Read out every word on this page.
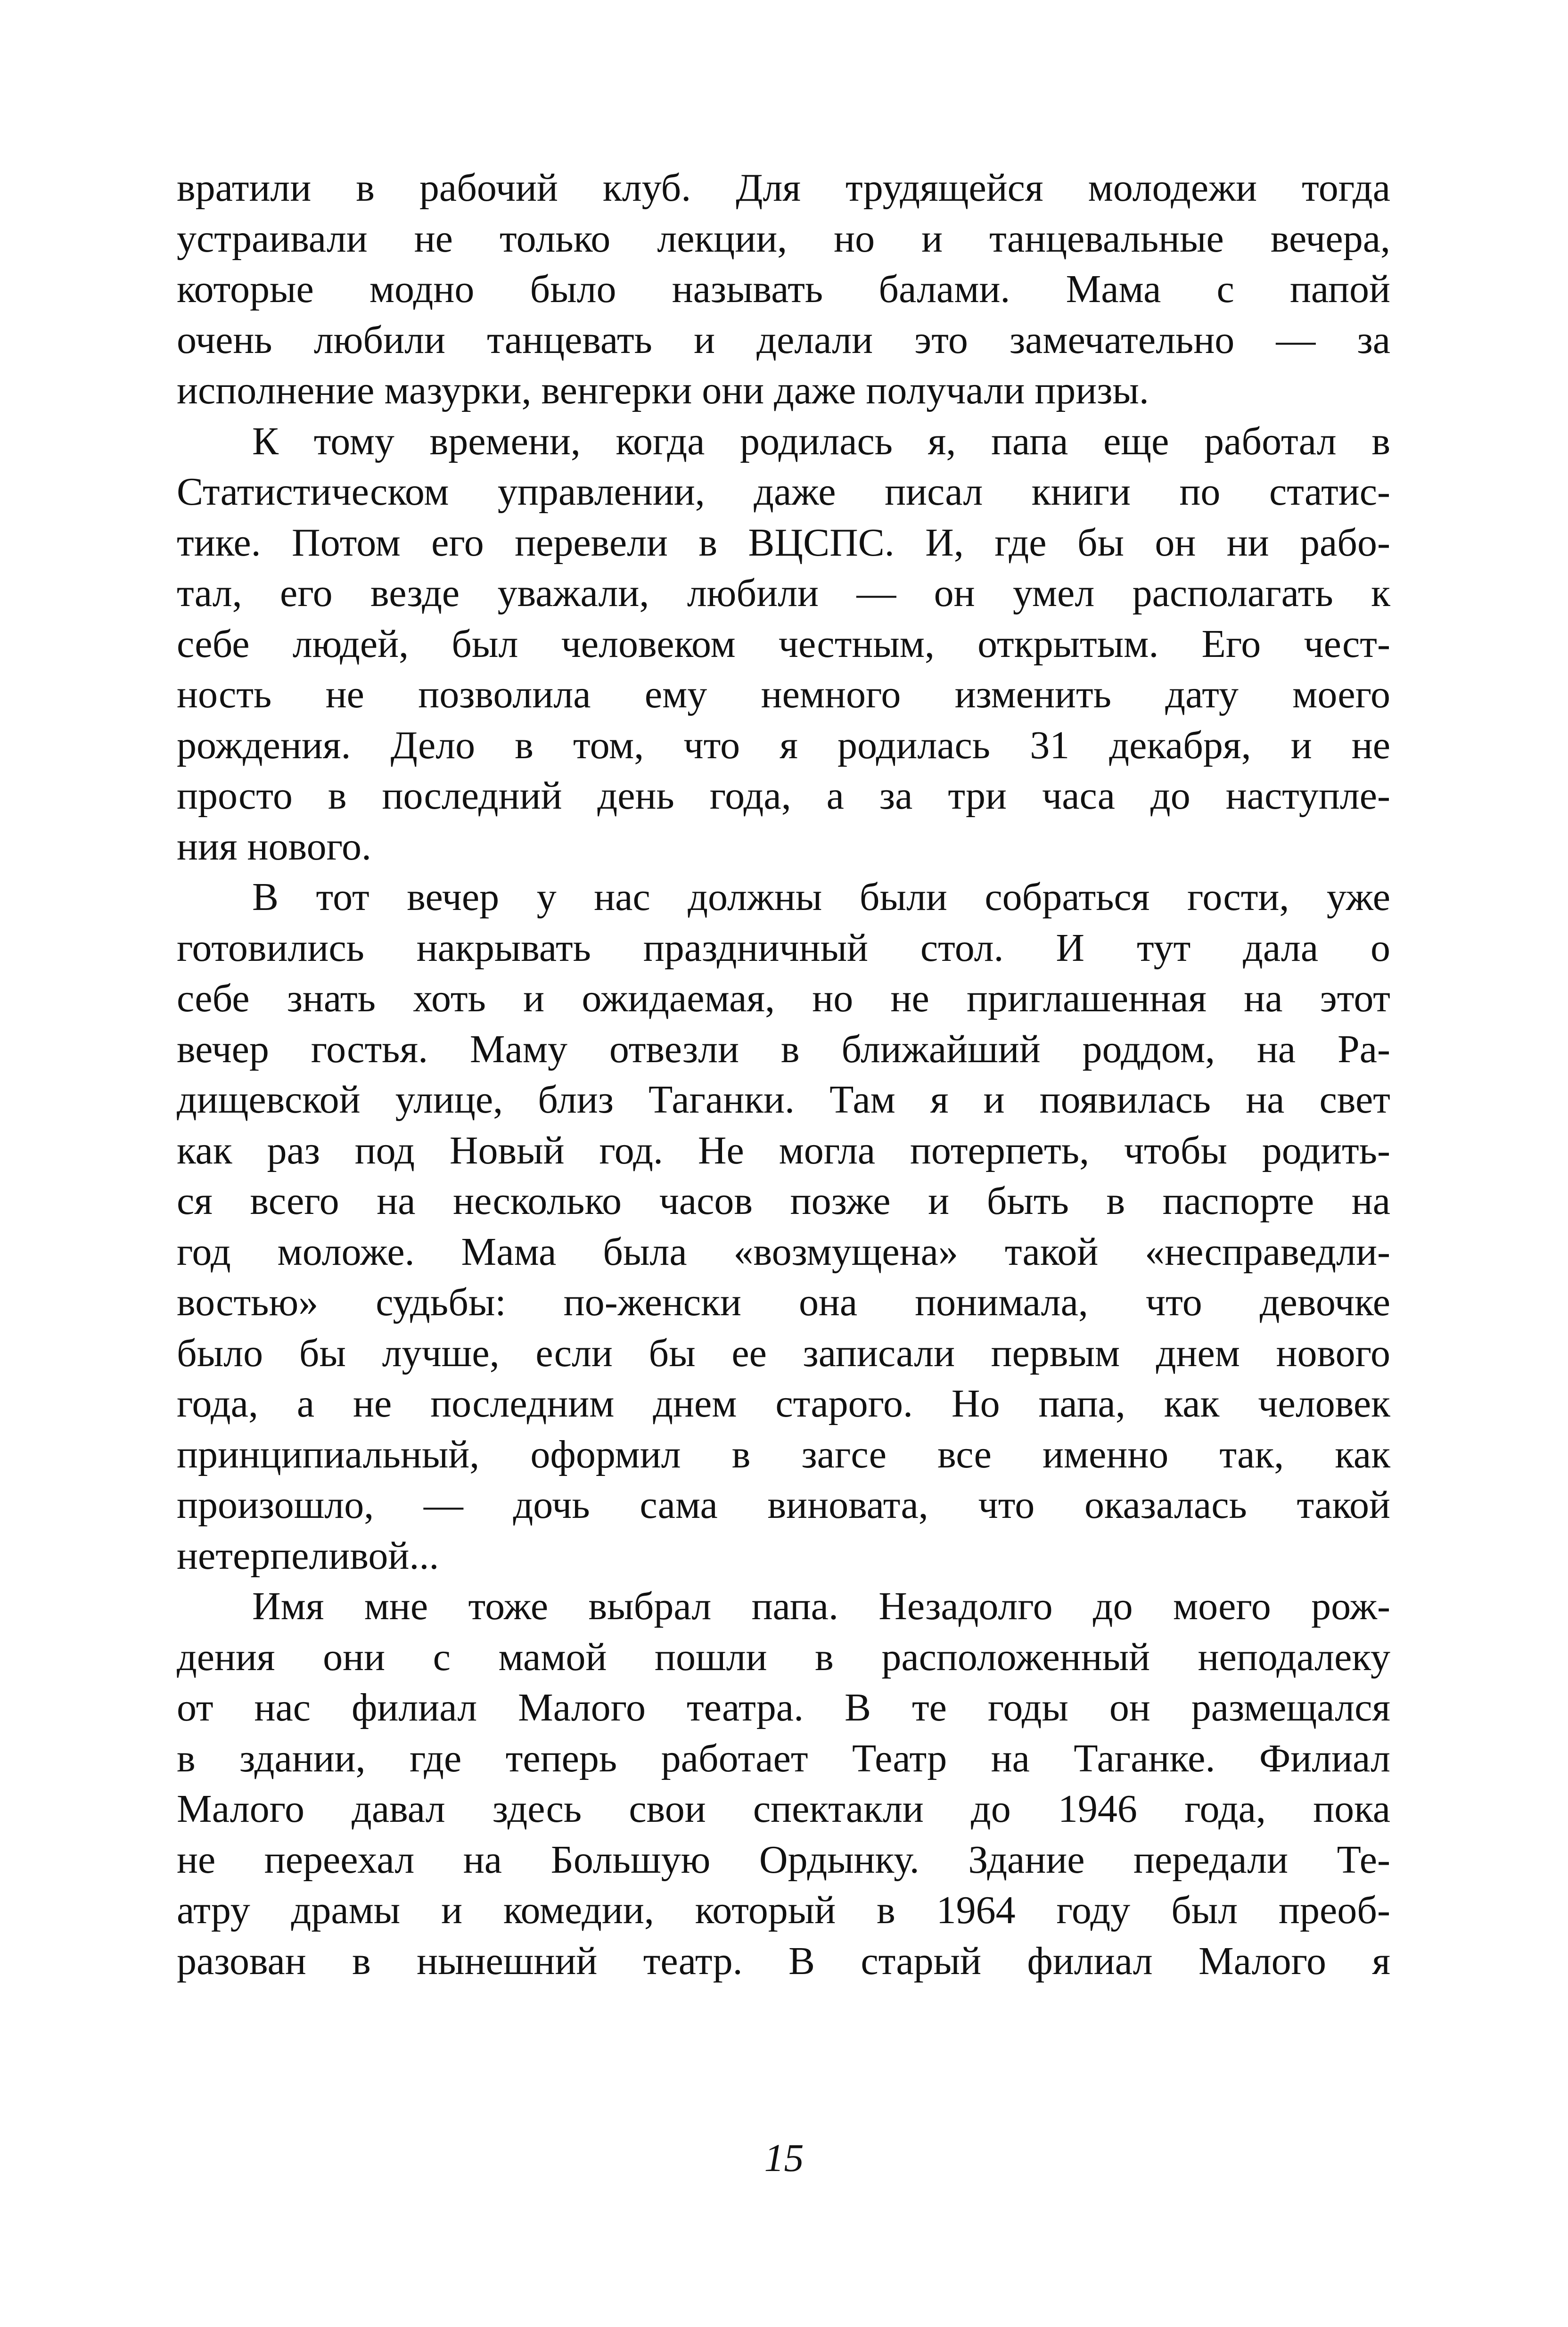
вратили в рабочий клуб. Для трудящейся молодежи тогда
устраивали не только лекции, но и танцевальные вечера,
которые модно было называть балами. Мама с папой
очень любили танцевать и делали это замечательно — за
исполнение мазурки, венгерки они даже получали призы.
К тому времени, когда родилась я, папа еще работал в
Статистическом управлении, даже писал книги по статис-
тике. Потом его перевели в ВЦСПС. И, где бы он ни рабо-
тал, его везде уважали, любили — он умел располагать к
себе людей, был человеком честным, открытым. Его чест-
ность не позволила ему немного изменить дату моего
рождения. Дело в том, что я родилась 31 декабря, и не
просто в последний день года, а за три часа до наступле-
ния нового.
В тот вечер у нас должны были собраться гости, уже
готовились накрывать праздничный стол. И тут дала о
себе знать хоть и ожидаемая, но не приглашенная на этот
вечер гостья. Маму отвезли в ближайший роддом, на Ра-
дищевской улице, близ Таганки. Там я и появилась на свет
как раз под Новый год. Не могла потерпеть, чтобы родить-
ся всего на несколько часов позже и быть в паспорте на
год моложе. Мама была «возмущена» такой «несправедли-
востью» судьбы: по-женски она понимала, что девочке
было бы лучше, если бы ее записали первым днем нового
года, а не последним днем старого. Но папа, как человек
принципиальный, оформил в загсе все именно так, как
произошло, — дочь сама виновата, что оказалась такой
нетерпеливой...
Имя мне тоже выбрал папа. Незадолго до моего рож-
дения они с мамой пошли в расположенный неподалеку
от нас филиал Малого театра. В те годы он размещался
в здании, где теперь работает Театр на Таганке. Филиал
Малого давал здесь свои спектакли до 1946 года, пока
не переехал на Большую Ордынку. Здание передали Те-
атру драмы и комедии, который в 1964 году был преоб-
разован в нынешний театр. В старый филиал Малого я
15
